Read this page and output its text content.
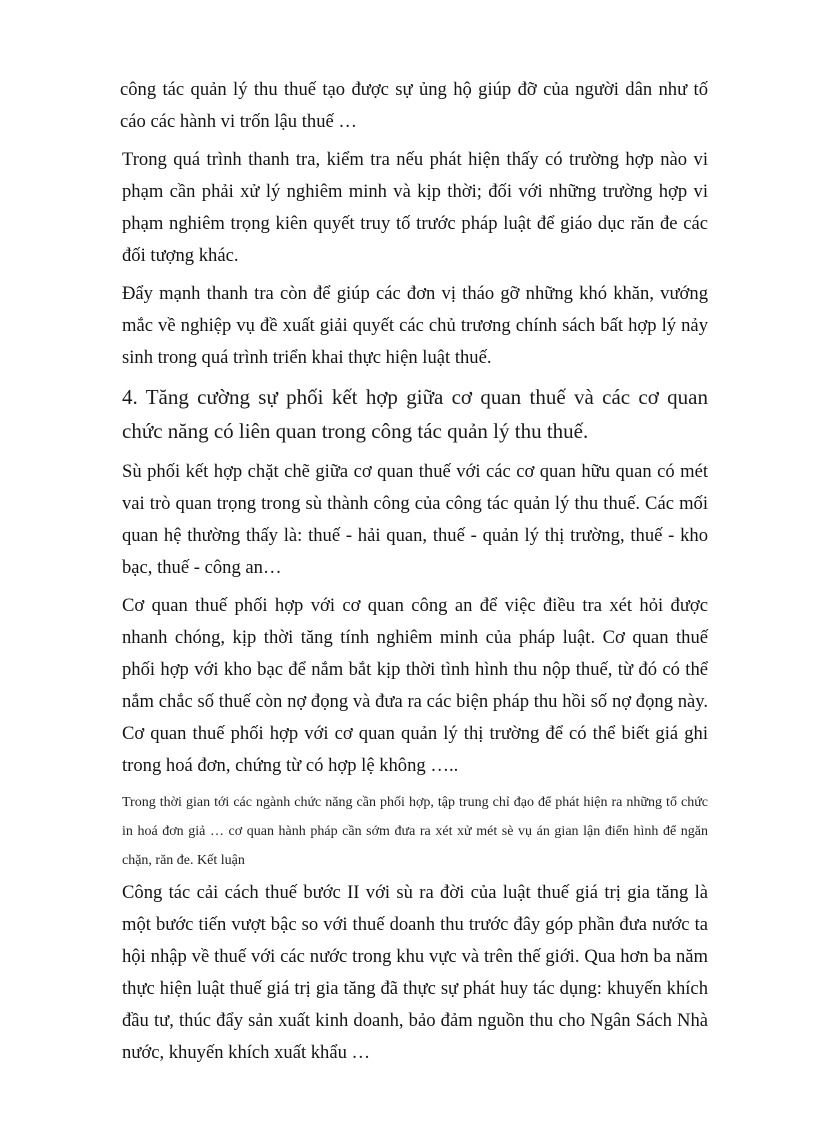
công tác quản lý thu thuế tạo được sự ủng hộ giúp đỡ của người dân như tố cáo các hành vi trốn lậu thuế …

Trong quá trình thanh tra, kiểm tra nếu phát hiện thấy có trường hợp nào vi phạm cần phải xử lý nghiêm minh và kịp thời; đối với những trường hợp vi phạm nghiêm trọng kiên quyết truy tố trước pháp luật để giáo dục răn đe các đối tượng khác.

Đẩy mạnh thanh tra còn để giúp các đơn vị tháo gỡ những khó khăn, vướng mắc về nghiệp vụ đề xuất giải quyết các chủ trương chính sách bất hợp lý nảy sinh trong quá trình triển khai thực hiện luật thuế.

4. Tăng cường sự phối kết hợp giữa cơ quan thuế và các cơ quan chức năng có liên quan trong công tác quản lý thu thuế.

Sù phối kết hợp chặt chẽ giữa cơ quan thuế với các cơ quan hữu quan có mét vai trò quan trọng trong sù thành công của công tác quản lý thu thuế. Các mối quan hệ thường thấy là: thuế - hải quan, thuế - quản lý thị trường, thuế - kho bạc, thuế - công an…

Cơ quan thuế phối hợp với cơ quan công an để việc điều tra xét hỏi được nhanh chóng, kịp thời tăng tính nghiêm minh của pháp luật. Cơ quan thuế phối hợp với kho bạc để nắm bắt kịp thời tình hình thu nộp thuế, từ đó có thể nắm chắc số thuế còn nợ đọng và đưa ra các biện pháp thu hồi số nợ đọng này. Cơ quan thuế phối hợp với cơ quan quản lý thị trường để có thể biết giá ghi trong hoá đơn, chứng từ có hợp lệ không …..

Trong thời gian tới các ngành chức năng cần phối hợp, tập trung chỉ đạo để phát hiện ra những tổ chức in hoá đơn giả … cơ quan hành pháp cần sớm đưa ra xét xử mét sè vụ án gian lận điển hình để ngăn chặn, răn đe. Kết luận

Công tác cải cách thuế bước II với sù ra đời của luật thuế giá trị gia tăng là một bước tiến vượt bậc so với thuế doanh thu trước đây góp phần đưa nước ta hội nhập về thuế với các nước trong khu vực và trên thế giới. Qua hơn ba năm thực hiện luật thuế giá trị gia tăng đã thực sự phát huy tác dụng: khuyến khích đầu tư, thúc đẩy sản xuất kinh doanh, bảo đảm nguồn thu cho Ngân Sách Nhà nước, khuyến khích xuất khẩu …
